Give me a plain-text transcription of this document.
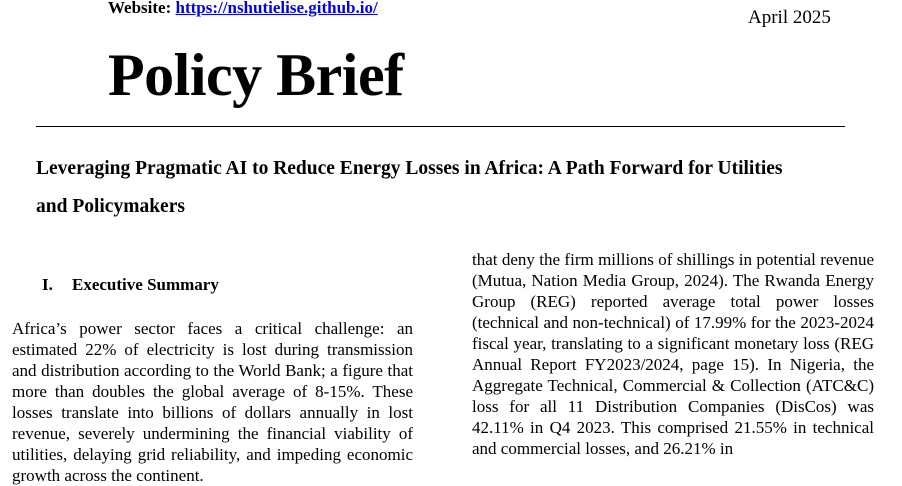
Website: https://nshutielise.github.io/	April 2025
Policy Brief
Leveraging Pragmatic AI to Reduce Energy Losses in Africa: A Path Forward for Utilities and Policymakers
I. Executive Summary

Africa’s power sector faces a critical challenge: an estimated 22% of electricity is lost during transmission and distribution according to the World Bank; a figure that more than doubles the global average of 8-15%. These losses translate into billions of dollars annually in lost revenue, severely undermining the financial viability of utilities, delaying grid reliability, and impeding economic growth across the continent.

that deny the firm millions of shillings in potential revenue (Mutua, Nation Media Group, 2024). The Rwanda Energy Group (REG) reported average total power losses (technical and non-technical) of 17.99% for the 2023-2024 fiscal year, translating to a significant monetary loss (REG Annual Report FY2023/2024, page 15). In Nigeria, the Aggregate Technical, Commercial & Collection (ATC&C) loss for all 11 Distribution Companies (DisCos) was 42.11% in Q4 2023. This comprised 21.55% in technical and commercial losses, and 26.21% in
